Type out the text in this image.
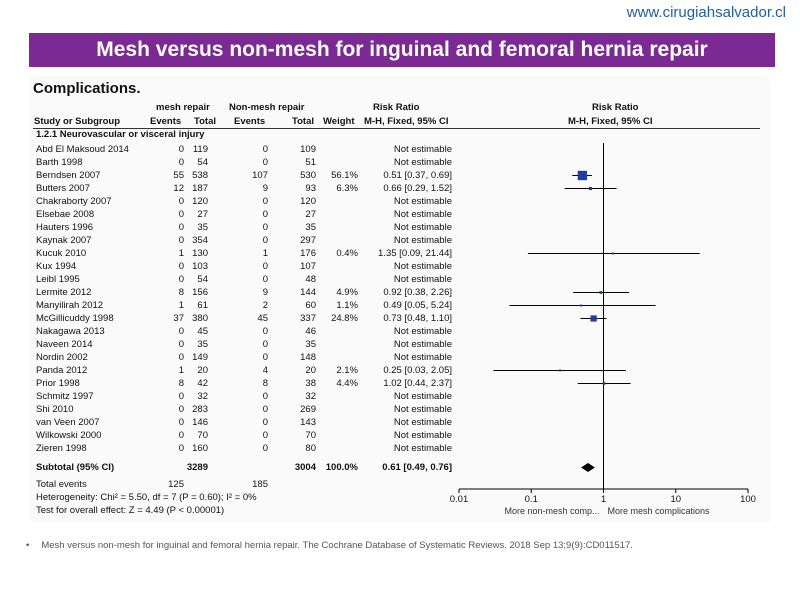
www.cirugiahsalvador.cl
Mesh versus non-mesh for inguinal and femoral hernia repair
Complications.
mesh repair Non-mesh repair	Risk Ratio	Risk Ratio
Study or Subgroup	Events Total Events	Total Weight M-H, Fixed, 95% CI	M-H, Fixed, 95% CI
1.2.1 Neurovascular or visceral injury
Abd El Maksoud 2014	0 119	0	109	Not estimable
Barth 1998	0	54	0	51	Not estimable
Berndsen 2007	55 538	107	530	56.1%	0.51 [0.37, 0.69]
Butters 2007	12 187	9	93	6.3%	0.66 [0.29, 1.52]
Chakraborty 2007	0 120	0	120	Not estimable
Elsebae 2008	0	27	0	27	Not estimable
Hauters 1996	0	35	0	35	Not estimable
Kaynak 2007	0 354	0	297	Not estimable
Kucuk 2010	1 130	1	176	0.4%	1.35 [0.09, 21.44]
Kux 1994	0 103	0	107	Not estimable
Leibl 1995	0	54	0	48	Not estimable
Lermite 2012	8 156	9	144	4.9%	0.92 [0.38, 2.26]
Manyilirah 2012	1	61	2	60	1.1%	0.49 [0.05, 5.24]
McGillicuddy 1998	37 380	45	337	24.8%	0.73 [0.48, 1.10]
Nakagawa 2013	0	45	0	46	Not estimable
Naveen 2014	0	35	0	35	Not estimable
Nordin 2002	0 149	0	148	Not estimable
Panda 2012	1	20	4	20	2.1%	0.25 [0.03, 2.05]
Prior 1998	8	42	8	38	4.4%	1.02 [0.44, 2.37]
Schmitz 1997	0	32	0	32	Not estimable
Shi 2010	0 283	0	269	Not estimable
van Veen 2007	0 146	0	143	Not estimable
Wilkowski 2000	0	70	0	70	Not estimable
Zieren 1998	0 160	0	80	Not estimable
Subtotal (95% CI)	3289	3004	100.0%	0.61 [0.49, 0.76]
Total events	125	185
Heterogeneity: Chi² = 5.50, df = 7 (P = 0.60); I² = 0%
Test for overall effect: Z = 4.49 (P < 0.00001)
0.01	0.1	1	10	100
More non-mesh comp... More mesh complications
• Mesh versus non-mesh for inguinal and femoral hernia repair. The Cochrane Database of Systematic Reviews. 2018 Sep 13;9(9):CD011517.
